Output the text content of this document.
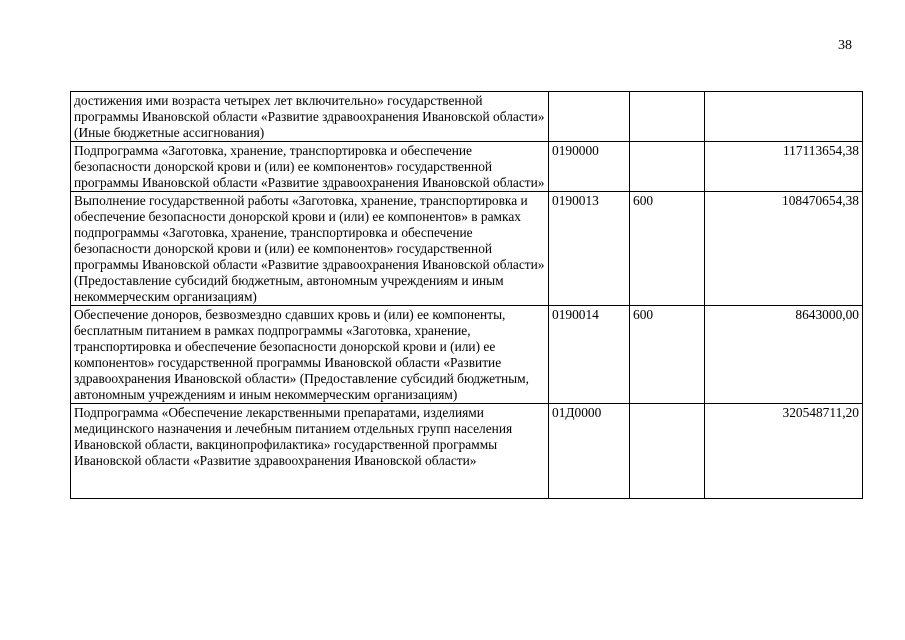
38
достижения ими возраста четырех лет включительно» государственной программы Ивановской области «Развитие здравоохранения Ивановской области» (Иные бюджетные ассигнования)			
Подпрограмма «Заготовка, хранение, транспортировка и обеспечение безопасности донорской крови и (или) ее компонентов» государственной программы Ивановской области «Развитие здравоохранения Ивановской области»	0190000		117113654,38
Выполнение государственной работы «Заготовка, хранение, транспортировка и обеспечение безопасности донорской крови и (или) ее компонентов» в рамках подпрограммы «Заготовка, хранение, транспортировка и обеспечение безопасности донорской крови и (или) ее компонентов» государственной программы Ивановской области «Развитие здравоохранения Ивановской области» (Предоставление субсидий бюджетным, автономным учреждениям и иным некоммерческим организациям)	0190013	600	108470654,38
Обеспечение доноров, безвозмездно сдавших кровь и (или) ее компоненты, бесплатным питанием в рамках подпрограммы «Заготовка, хранение, транспортировка и обеспечение безопасности донорской крови и (или) ее компонентов» государственной программы Ивановской области «Развитие здравоохранения Ивановской области» (Предоставление субсидий бюджетным, автономным учреждениям и иным некоммерческим организациям)	0190014	600	8643000,00
Подпрограмма «Обеспечение лекарственными препаратами, изделиями медицинского назначения и лечебным питанием отдельных групп населения Ивановской области, вакцинопрофилактика» государственной программы Ивановской области «Развитие здравоохранения Ивановской области»	01Д0000		320548711,20
